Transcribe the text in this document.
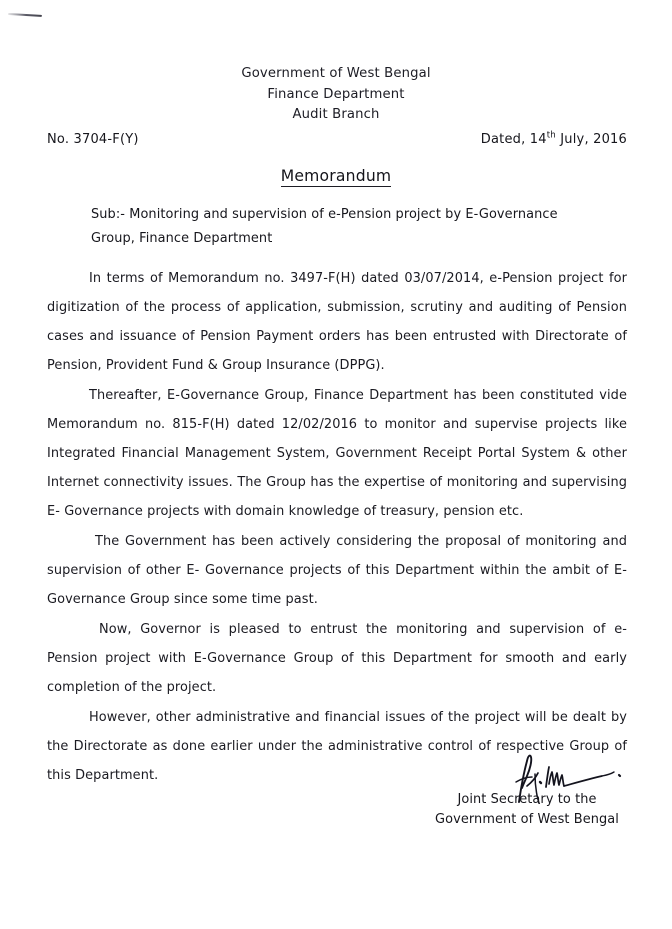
Government of West Bengal
Finance Department
Audit Branch
No. 3704-F(Y)	Dated, 14th July, 2016
Memorandum
Sub:- Monitoring and supervision of e-Pension project by E-Governance Group, Finance Department

In terms of Memorandum no. 3497-F(H) dated 03/07/2014, e-Pension project for digitization of the process of application, submission, scrutiny and auditing of Pension cases and issuance of Pension Payment orders has been entrusted with Directorate of Pension, Provident Fund & Group Insurance (DPPG).

Thereafter, E-Governance Group, Finance Department has been constituted vide Memorandum no. 815-F(H) dated 12/02/2016 to monitor and supervise projects like Integrated Financial Management System, Government Receipt Portal System & other Internet connectivity issues. The Group has the expertise of monitoring and supervising E- Governance projects with domain knowledge of treasury, pension etc.

The Government has been actively considering the proposal of monitoring and supervision of other E- Governance projects of this Department within the ambit of E-Governance Group since some time past.

Now, Governor is pleased to entrust the monitoring and supervision of e-Pension project with E-Governance Group of this Department for smooth and early completion of the project.

However, other administrative and financial issues of the project will be dealt by the Directorate as done earlier under the administrative control of respective Group of this Department.

Joint Secretary to the
Government of West Bengal
